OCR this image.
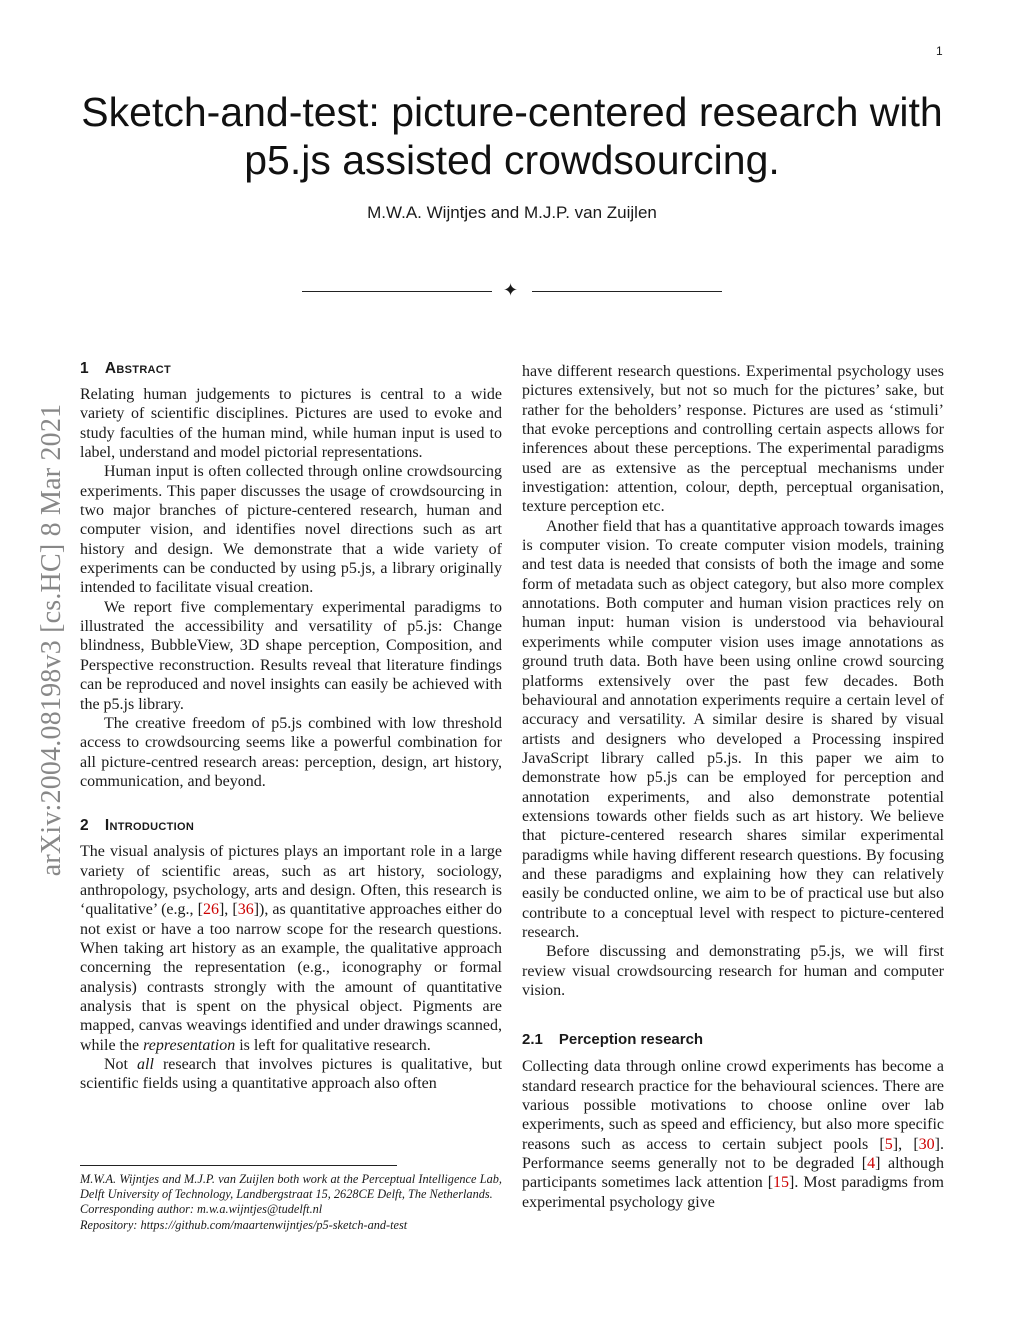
1
Sketch-and-test: picture-centered research with
p5.js assisted crowdsourcing.
M.W.A. Wijntjes and M.J.P. van Zuijlen
✦
arXiv:2004.08198v3 [cs.HC] 8 Mar 2021
1 Abstract

Relating human judgements to pictures is central to a wide variety of scientific disciplines. Pictures are used to evoke and study faculties of the human mind, while human input is used to label, understand and model pictorial representations.

Human input is often collected through online crowdsourcing experiments. This paper discusses the usage of crowdsourcing in two major branches of picture-centered research, human and computer vision, and identifies novel directions such as art history and design. We demonstrate that a wide variety of experiments can be conducted by using p5.js, a library originally intended to facilitate visual creation.

We report five complementary experimental paradigms to illustrated the accessibility and versatility of p5.js: Change blindness, BubbleView, 3D shape perception, Composition, and Perspective reconstruction. Results reveal that literature findings can be reproduced and novel insights can easily be achieved with the p5.js library.

The creative freedom of p5.js combined with low threshold access to crowdsourcing seems like a powerful combination for all picture-centred research areas: perception, design, art history, communication, and beyond.

2 Introduction

The visual analysis of pictures plays an important role in a large variety of scientific areas, such as art history, sociology, anthropology, psychology, arts and design. Often, this research is ‘qualitative’ (e.g., [26], [36]), as quantitative approaches either do not exist or have a too narrow scope for the research questions. When taking art history as an example, the qualitative approach concerning the representation (e.g., iconography or formal analysis) contrasts strongly with the amount of quantitative analysis that is spent on the physical object. Pigments are mapped, canvas weavings identified and under drawings scanned, while the representation is left for qualitative research.

Not all research that involves pictures is qualitative, but scientific fields using a quantitative approach also often

have different research questions. Experimental psychology uses pictures extensively, but not so much for the pictures’ sake, but rather for the beholders’ response. Pictures are used as ‘stimuli’ that evoke perceptions and controlling certain aspects allows for inferences about these perceptions. The experimental paradigms used are as extensive as the perceptual mechanisms under investigation: attention, colour, depth, perceptual organisation, texture perception etc.

Another field that has a quantitative approach towards images is computer vision. To create computer vision models, training and test data is needed that consists of both the image and some form of metadata such as object category, but also more complex annotations. Both computer and human vision practices rely on human input: human vision is understood via behavioural experiments while computer vision uses image annotations as ground truth data. Both have been using online crowd sourcing platforms extensively over the past few decades. Both behavioural and annotation experiments require a certain level of accuracy and versatility. A similar desire is shared by visual artists and designers who developed a Processing inspired JavaScript library called p5.js. In this paper we aim to demonstrate how p5.js can be employed for perception and annotation experiments, and also demonstrate potential extensions towards other fields such as art history. We believe that picture-centered research shares similar experimental paradigms while having different research questions. By focusing and these paradigms and explaining how they can relatively easily be conducted online, we aim to be of practical use but also contribute to a conceptual level with respect to picture-centered research.

Before discussing and demonstrating p5.js, we will first review visual crowdsourcing research for human and computer vision.

2.1 Perception research

Collecting data through online crowd experiments has become a standard research practice for the behavioural sciences. There are various possible motivations to choose online over lab experiments, such as speed and efficiency, but also more specific reasons such as access to certain subject pools [5], [30]. Performance seems generally not to be degraded [4] although participants sometimes lack attention [15]. Most paradigms from experimental psychology give

M.W.A. Wijntjes and M.J.P. van Zuijlen both work at the Perceptual Intelligence Lab, Delft University of Technology, Landbergstraat 15, 2628CE Delft, The Netherlands.
Corresponding author: m.w.a.wijntjes@tudelft.nl
Repository: https://github.com/maartenwijntjes/p5-sketch-and-test
